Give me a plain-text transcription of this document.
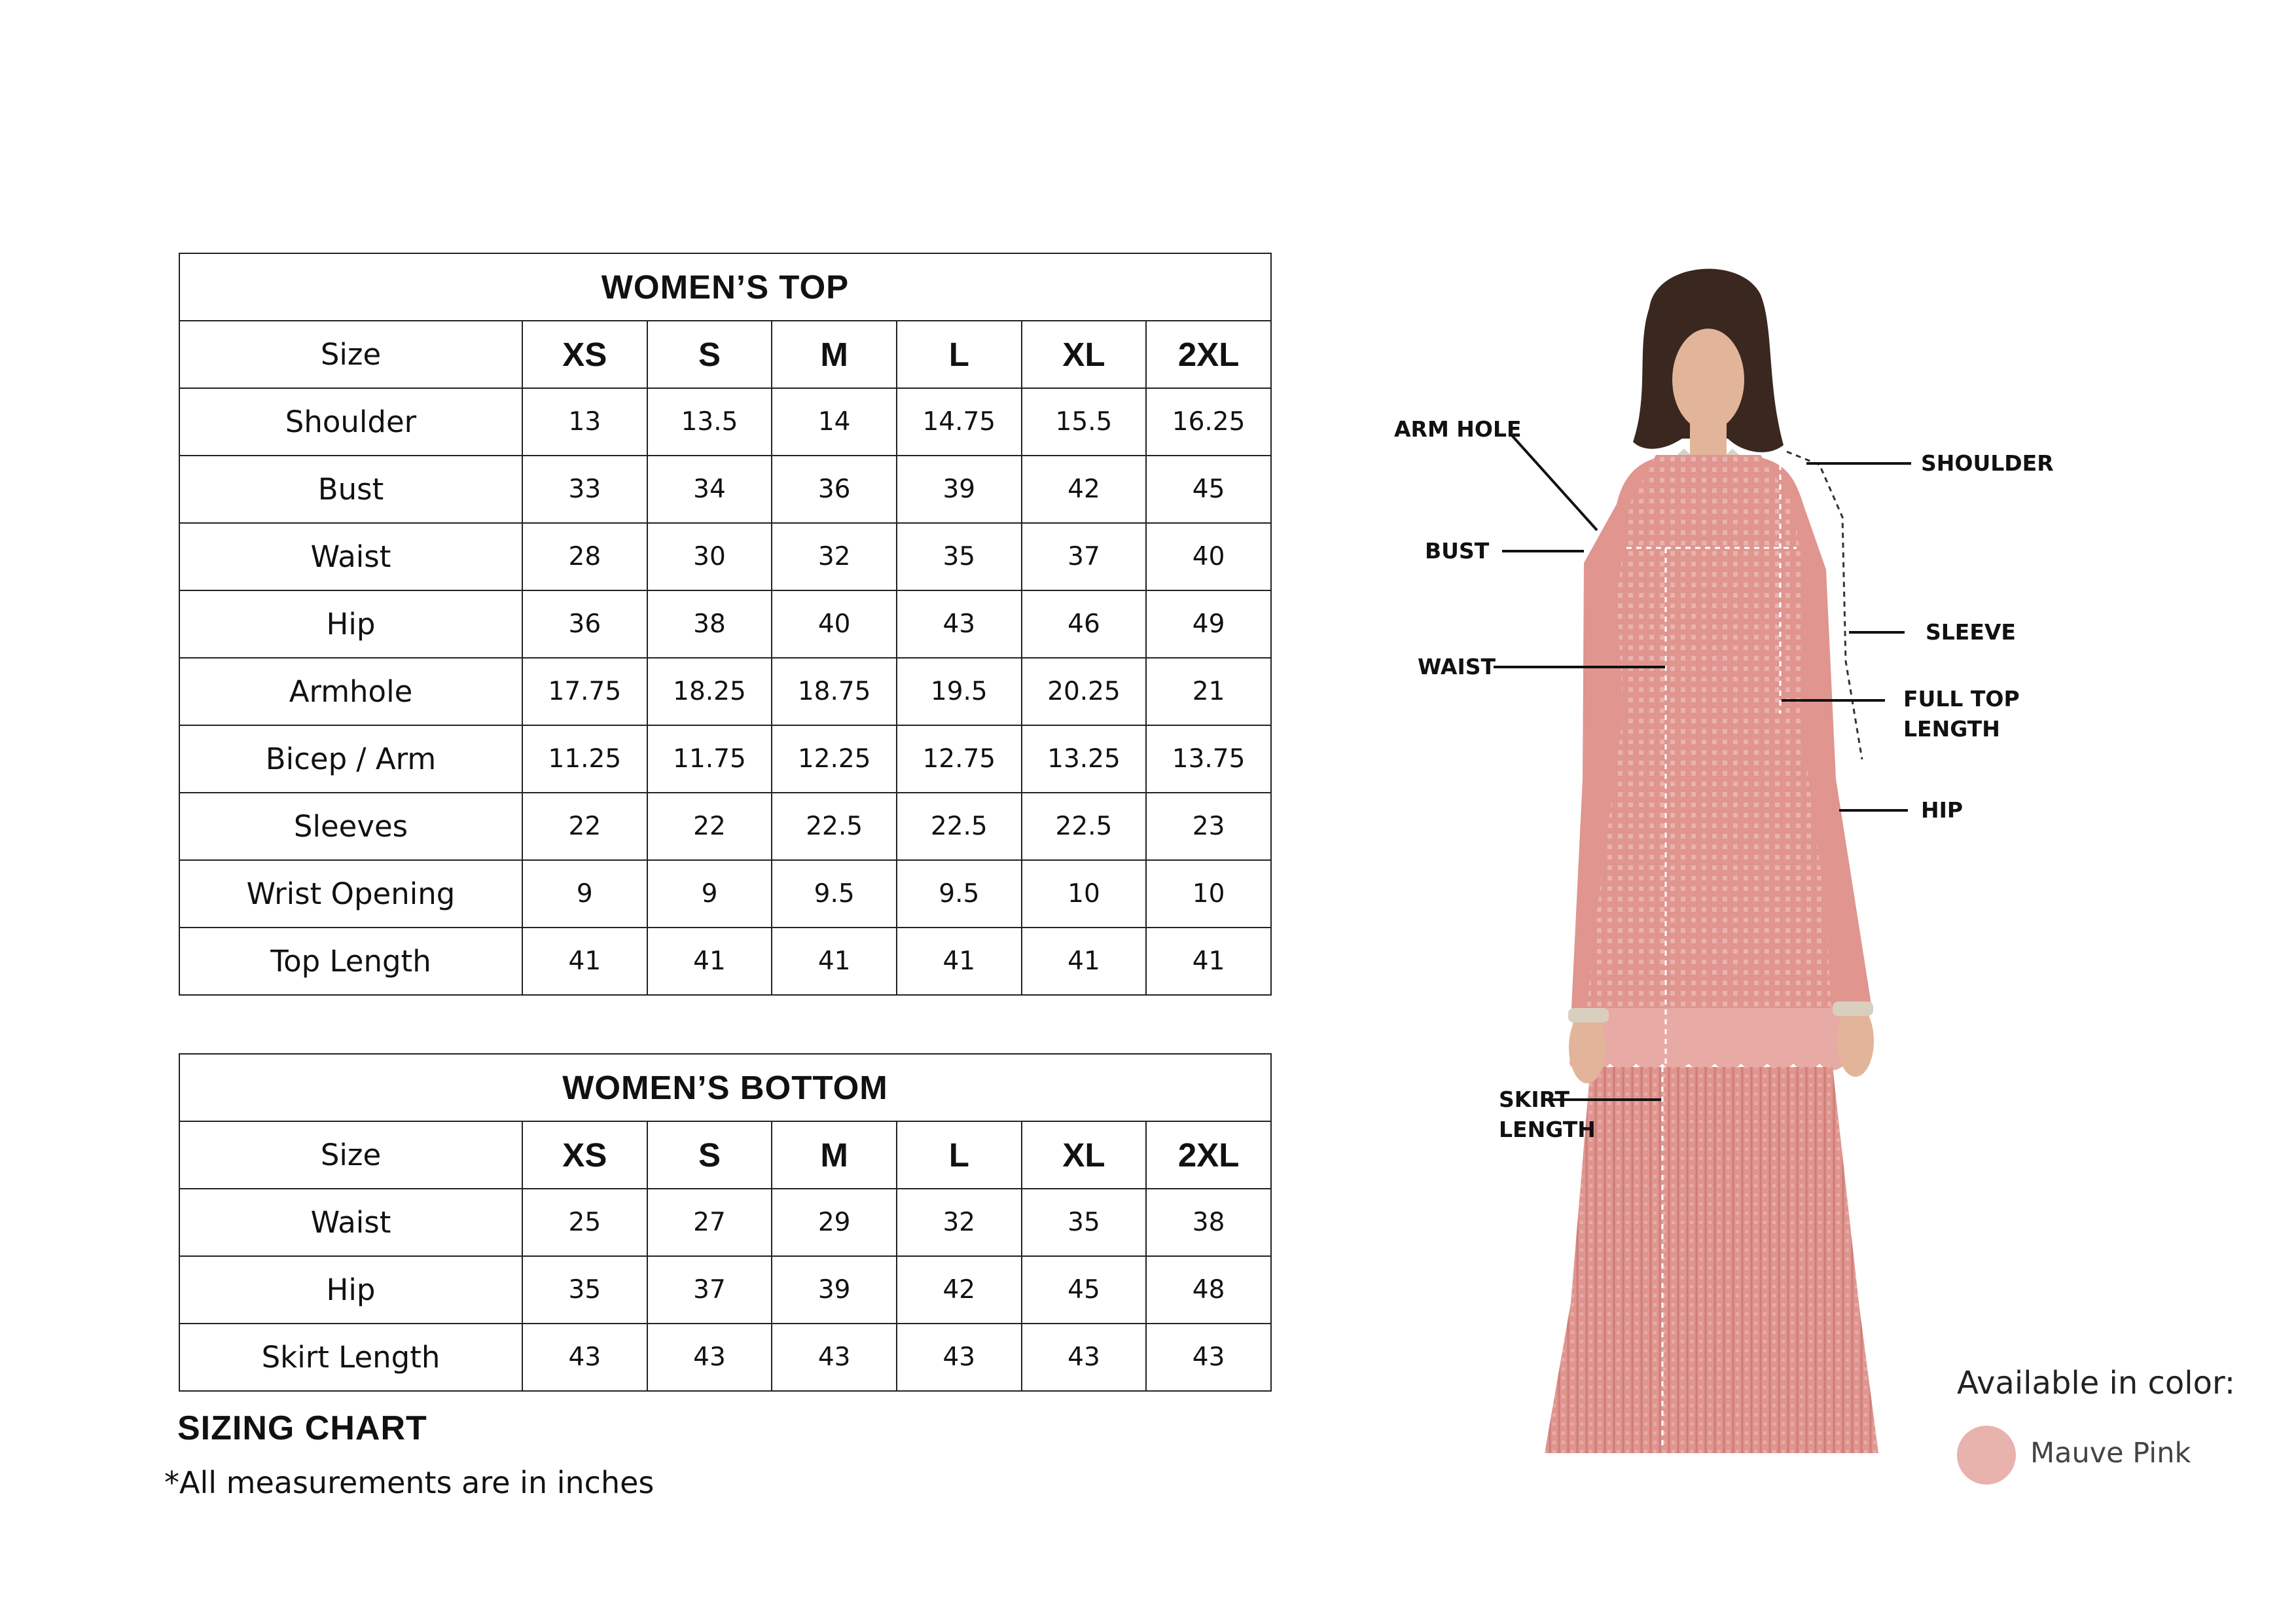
WOMEN’S TOP						
Size	XS	S	M	L	XL	2XL
Shoulder	13	13.5	14	14.75	15.5	16.25
Bust	33	34	36	39	42	45
Waist	28	30	32	35	37	40
Hip	36	38	40	43	46	49
Armhole	17.75	18.25	18.75	19.5	20.25	21
Bicep / Arm	11.25	11.75	12.25	12.75	13.25	13.75
Sleeves	22	22	22.5	22.5	22.5	23
Wrist Opening	9	9	9.5	9.5	10	10
Top Length	41	41	41	41	41	41
WOMEN’S BOTTOM						
Size	XS	S	M	L	XL	2XL
Waist	25	27	29	32	35	38
Hip	35	37	39	42	45	48
Skirt Length	43	43	43	43	43	43
SIZING CHART
*All measurements are in inches
ARM HOLE
BUST
WAIST
SKIRT
LENGTH
SHOULDER
SLEEVE
FULL TOP
LENGTH
HIP
Available in color:
Mauve Pink
